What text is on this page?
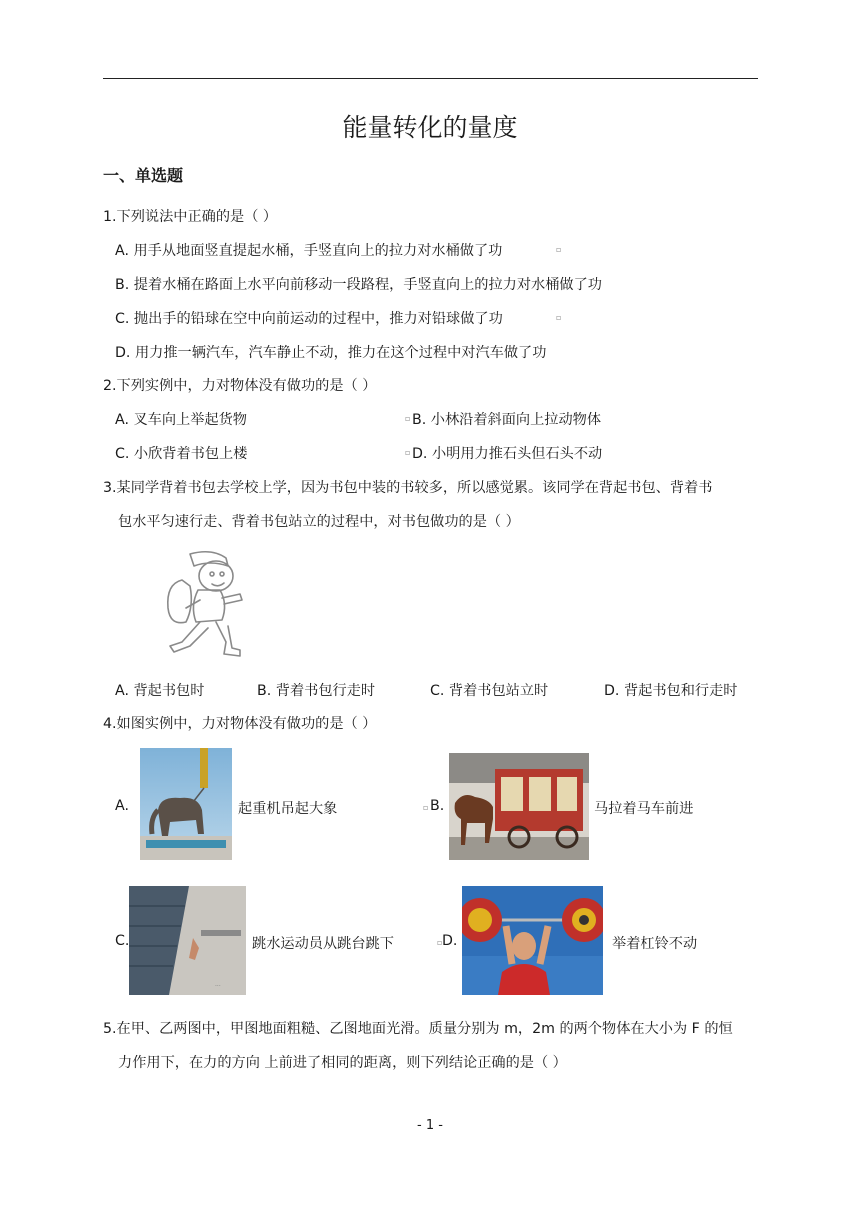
能量转化的量度
一、单选题
1.下列说法中正确的是（ ）
A. 用手从地面竖直提起水桶，手竖直向上的拉力对水桶做了功	▫
B. 提着水桶在路面上水平向前移动一段路程，手竖直向上的拉力对水桶做了功
C. 抛出手的铅球在空中向前运动的过程中，推力对铅球做了功	▫
D. 用力推一辆汽车，汽车静止不动，推力在这个过程中对汽车做了功
2.下列实例中，力对物体没有做功的是（ ）
A. 叉车向上举起货物	▫ B. 小林沿着斜面向上拉动物体
C. 小欣背着书包上楼	▫ D. 小明用力推石头但石头不动
3.某同学背着书包去学校上学，因为书包中装的书较多，所以感觉累。该同学在背起书包、背着书
包水平匀速行走、背着书包站立的过程中，对书包做功的是（ ）
A. 背起书包时	B. 背着书包行走时	C. 背着书包站立时	D. 背起书包和行走时
4.如图实例中，力对物体没有做功的是（ ）
A.	起重机吊起大象	▫ B.	马拉着马车前进
C.
···
跳水运动员从跳台跳下	▫ D.	举着杠铃不动
5.在甲、乙两图中，甲图地面粗糙、乙图地面光滑。质量分别为 m，2m 的两个物体在大小为 F 的恒
力作用下，在力的方向 上前进了相同的距离，则下列结论正确的是（ ）
- 1 -
